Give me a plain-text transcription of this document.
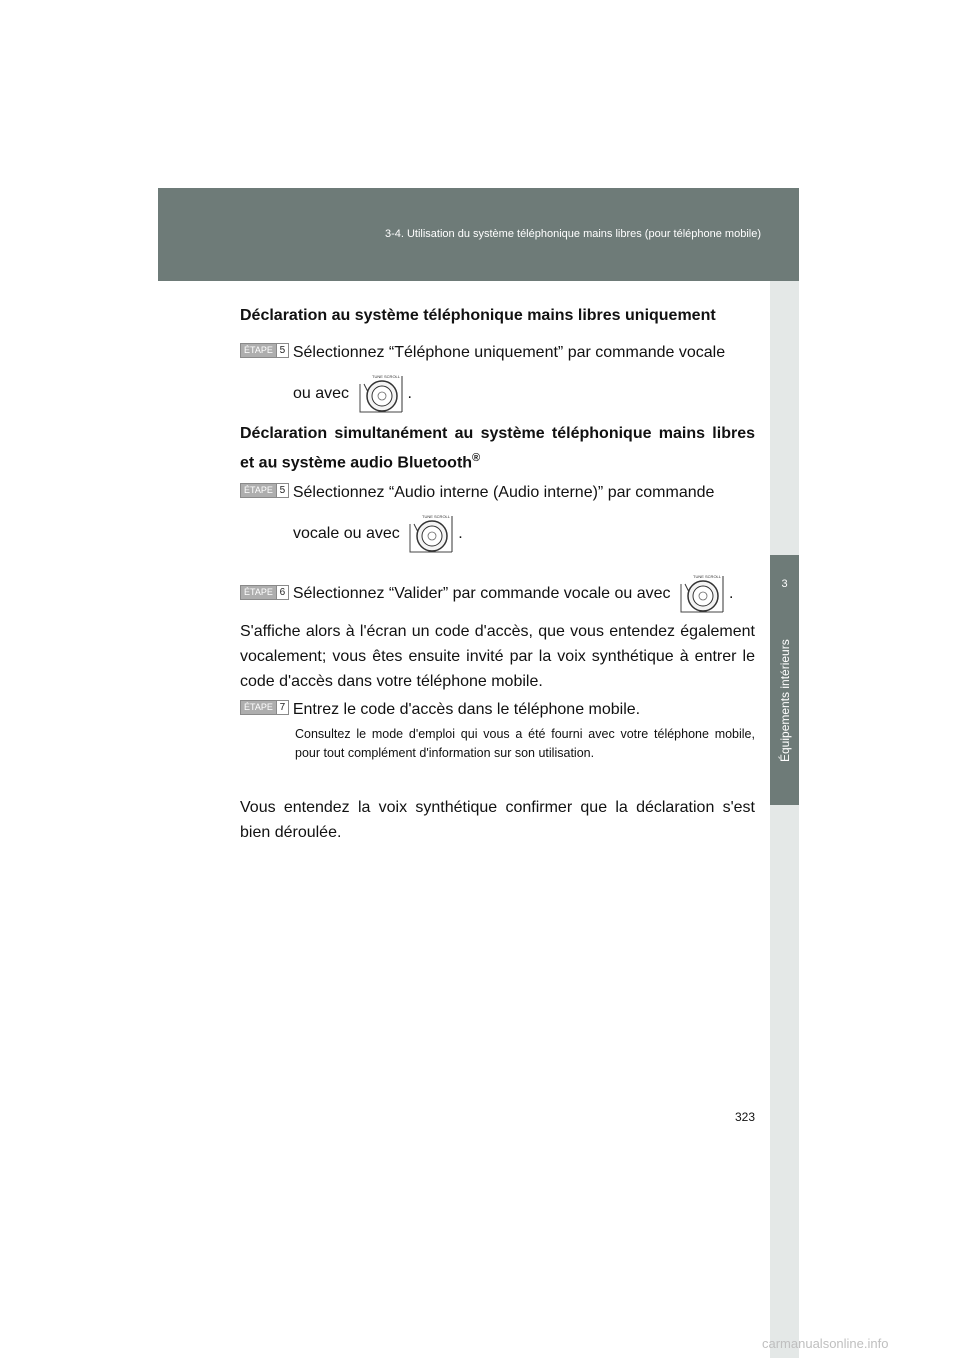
3-4. Utilisation du système téléphonique mains libres (pour téléphone mobile)
3
Équipements intérieurs
Déclaration au système téléphonique mains libres uniquement
ÉTAPE 5 Sélectionnez “Téléphone uniquement” par commande vocale
ou avec
TUNE SCROLL
.
Déclaration simultanément au système téléphonique mains libres et au système audio Bluetooth®
ÉTAPE 5 Sélectionnez “Audio interne (Audio interne)” par commande
vocale ou avec
TUNE SCROLL
.
ÉTAPE 6 Sélectionnez “Valider” par commande vocale ou avec
TUNE SCROLL
.
S'affiche alors à l'écran un code d'accès, que vous entendez également vocalement; vous êtes ensuite invité par la voix synthétique à entrer le code d'accès dans votre téléphone mobile.
ÉTAPE 7 Entrez le code d'accès dans le téléphone mobile.
Consultez le mode d'emploi qui vous a été fourni avec votre téléphone mobile, pour tout complément d'information sur son utilisation.
Vous entendez la voix synthétique confirmer que la déclaration s'est bien déroulée.
323
carmanualsonline.info
